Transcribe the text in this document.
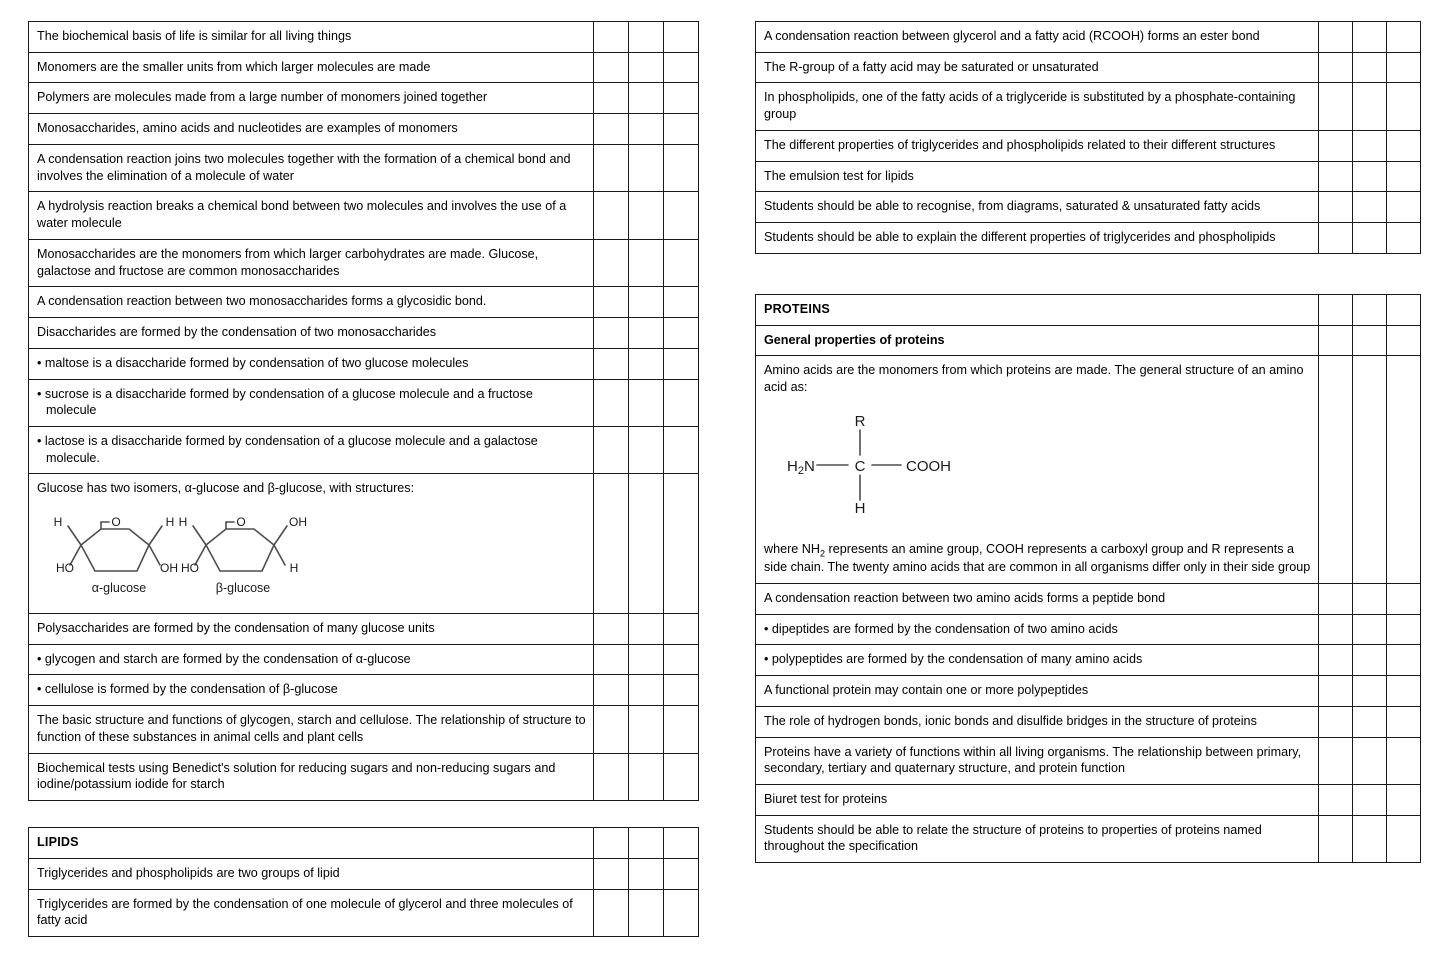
The biochemical basis of life is similar for all living things			
Monomers are the smaller units from which larger molecules are made			
Polymers are molecules made from a large number of monomers joined together			
Monosaccharides, amino acids and nucleotides are examples of monomers			
A condensation reaction joins two molecules together with the formation of a chemical bond and involves the elimination of a molecule of water			
A hydrolysis reaction breaks a chemical bond between two molecules and involves the use of a water molecule			
Monosaccharides are the monomers from which larger carbohydrates are made. Glucose, galactose and fructose are common monosaccharides			
A condensation reaction between two monosaccharides forms a glycosidic bond.			
Disaccharides are formed by the condensation of two monosaccharides			
• maltose is a disaccharide formed by condensation of two glucose molecules			
• sucrose is a disaccharide formed by condensation of a glucose molecule and a fructose
molecule			

• lactose is a disaccharide formed by condensation of a glucose molecule and a galactose
molecule.			

Glucose has two isomers, α-glucose and β-glucose, with structures:
H	O	H
HO	OH
H	O	OH
HO	H
α-glucose	β-glucose

Polysaccharides are formed by the condensation of many glucose units			
• glycogen and starch are formed by the condensation of α-glucose			
• cellulose is formed by the condensation of β-glucose			
The basic structure and functions of glycogen, starch and cellulose. The relationship of structure to function of these substances in animal cells and plant cells			
Biochemical tests using Benedict's solution for reducing sugars and non-reducing sugars and iodine/potassium iodide for starch			
LIPIDS			
Triglycerides and phospholipids are two groups of lipid			
Triglycerides are formed by the condensation of one molecule of glycerol and three molecules of fatty acid			
A condensation reaction between glycerol and a fatty acid (RCOOH) forms an ester bond			
The R-group of a fatty acid may be saturated or unsaturated			
In phospholipids, one of the fatty acids of a triglyceride is substituted by a phosphate-containing group			
The different properties of triglycerides and phospholipids related to their different structures			
The emulsion test for lipids			
Students should be able to recognise, from diagrams, saturated & unsaturated fatty acids			
Students should be able to explain the different properties of triglycerides and phospholipids			
PROTEINS			
General properties of proteins			
Amino acids are the monomers from which proteins are made. The general structure of an amino acid as:
R
C
H
$H_2N$	COOH
where $NH_2$ represents an amine group, COOH represents a carboxyl group and R represents a side chain. The twenty amino acids that are common in all organisms differ only in their side group			
A condensation reaction between two amino acids forms a peptide bond			
• dipeptides are formed by the condensation of two amino acids			
• polypeptides are formed by the condensation of many amino acids			
A functional protein may contain one or more polypeptides			
The role of hydrogen bonds, ionic bonds and disulfide bridges in the structure of proteins			
Proteins have a variety of functions within all living organisms. The relationship between primary, secondary, tertiary and quaternary structure, and protein function			
Biuret test for proteins			
Students should be able to relate the structure of proteins to properties of proteins named throughout the specification			
